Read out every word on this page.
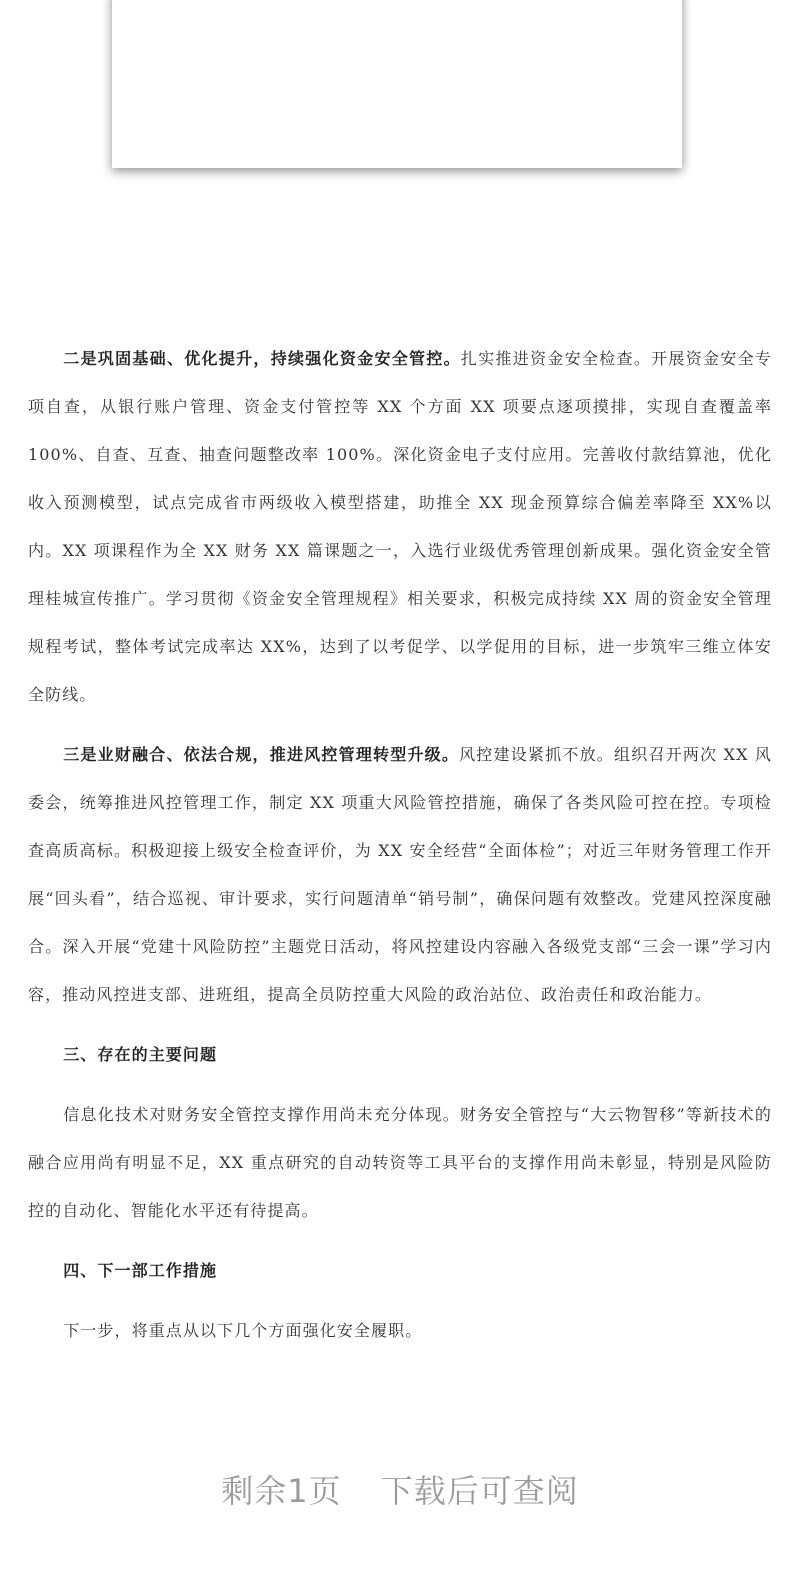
二是巩固基础、优化提升，持续强化资金安全管控。扎实推进资金安全检查。开展资金安全专项自查，从银行账户管理、资金支付管控等 XX 个方面 XX 项要点逐项摸排，实现自查覆盖率 100%、自查、互查、抽查问题整改率 100%。深化资金电子支付应用。完善收付款结算池，优化收入预测模型，试点完成省市两级收入模型搭建，助推全 XX 现金预算综合偏差率降至 XX%以内。XX 项课程作为全 XX 财务 XX 篇课题之一，入选行业级优秀管理创新成果。强化资金安全管理桂城宣传推广。学习贯彻《资金安全管理规程》相关要求，积极完成持续 XX 周的资金安全管理规程考试，整体考试完成率达 XX%，达到了以考促学、以学促用的目标，进一步筑牢三维立体安全防线。

三是业财融合、依法合规，推进风控管理转型升级。风控建设紧抓不放。组织召开两次 XX 风委会，统筹推进风控管理工作，制定 XX 项重大风险管控措施，确保了各类风险可控在控。专项检查高质高标。积极迎接上级安全检查评价，为 XX 安全经营“全面体检”；对近三年财务管理工作开展“回头看”，结合巡视、审计要求，实行问题清单“销号制”，确保问题有效整改。党建风控深度融合。深入开展“党建十风险防控”主题党日活动，将风控建设内容融入各级党支部“三会一课”学习内容，推动风控进支部、进班组，提高全员防控重大风险的政治站位、政治责任和政治能力。

三、存在的主要问题

信息化技术对财务安全管控支撑作用尚未充分体现。财务安全管控与“大云物智移”等新技术的融合应用尚有明显不足，XX 重点研究的自动转资等工具平台的支撑作用尚未彰显，特别是风险防控的自动化、智能化水平还有待提高。

四、下一部工作措施

下一步，将重点从以下几个方面强化安全履职。

剩余1页 下载后可查阅
